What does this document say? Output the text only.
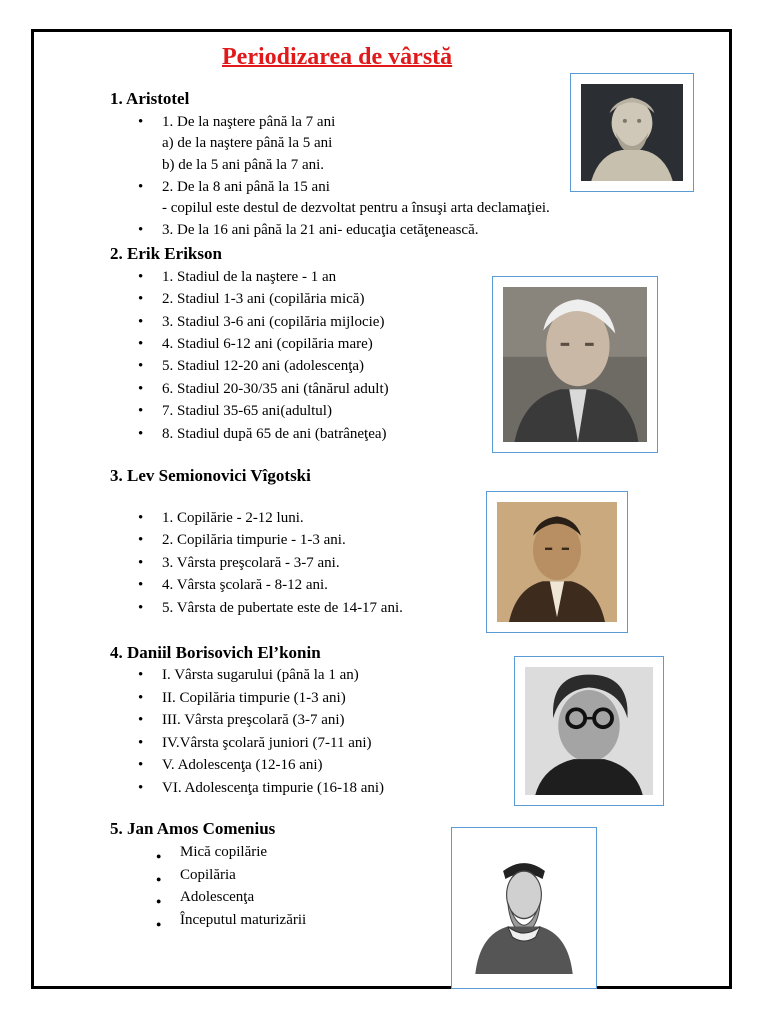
Periodizarea de vârstă
1. Aristotel
• 1. De la naştere până la 7 ani
a) de la naştere până la 5 ani
b) de la 5 ani până la 7 ani.
• 2. De la 8 ani până la 15 ani
- copilul este destul de dezvoltat pentru a însuşi arta declamaţiei.
• 3. De la 16 ani până la 21 ani- educaţia cetăţenească.
2. Erik Erikson
• 1. Stadiul de la naştere - 1 an
• 2. Stadiul 1-3 ani (copilăria mică)
• 3. Stadiul 3-6 ani (copilăria mijlocie)
• 4. Stadiul 6-12 ani (copilăria mare)
• 5. Stadiul 12-20 ani (adolescenţa)
• 6. Stadiul 20-30/35 ani (tânărul adult)
• 7. Stadiul 35-65 ani(adultul)
• 8. Stadiul după 65 de ani (batrâneţea)
3. Lev Semionovici Vîgotski
• 1. Copilărie - 2-12 luni.
• 2. Copilăria timpurie - 1-3 ani.
• 3. Vârsta preşcolară - 3-7 ani.
• 4. Vârsta şcolară - 8-12 ani.
• 5. Vârsta de pubertate este de 14-17 ani.
4. Daniil Borisovich El’konin
• I. Vârsta sugarului (până la 1 an)
• II. Copilăria timpurie (1-3 ani)
• III. Vârsta preşcolară (3-7 ani)
• IV.Vârsta şcolară juniori (7-11 ani)
• V. Adolescenţa (12-16 ani)
• VI. Adolescenţa timpurie (16-18 ani)
5. Jan Amos Comenius
● Mică copilărie
● Copilăria
● Adolescenţa
● Începutul maturizării
